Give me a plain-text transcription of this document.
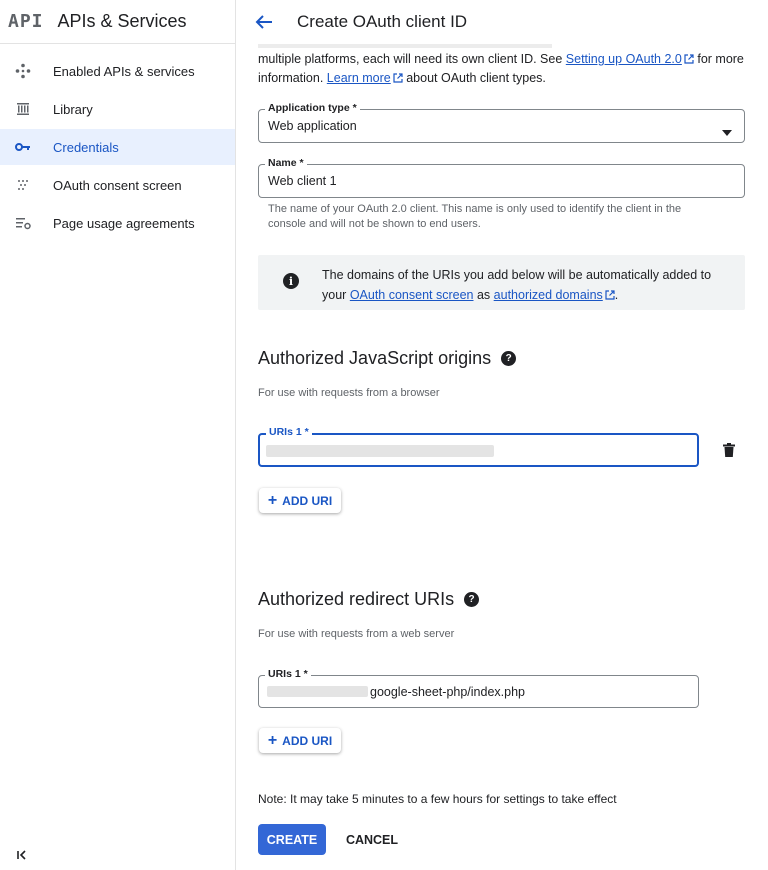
API APIs & Services
Enabled APIs & services
Library
Credentials
OAuth consent screen
Page usage agreements
Create OAuth client ID
multiple platforms, each will need its own client ID. See Setting up OAuth 2.0 for more information. Learn more about OAuth client types.
Application type *
Web application
Name *
Web client 1
The name of your OAuth 2.0 client. This name is only used to identify the client in the console and will not be shown to end users.
i	The domains of the URIs you add below will be automatically added to your OAuth consent screen as authorized domains .
Authorized JavaScript origins	?
For use with requests from a browser
URIs 1 *
+ ADD URI
Authorized redirect URIs	?
For use with requests from a web server
URIs 1 *
google-sheet-php/index.php
+ ADD URI
Note: It may take 5 minutes to a few hours for settings to take effect
CREATE	CANCEL
